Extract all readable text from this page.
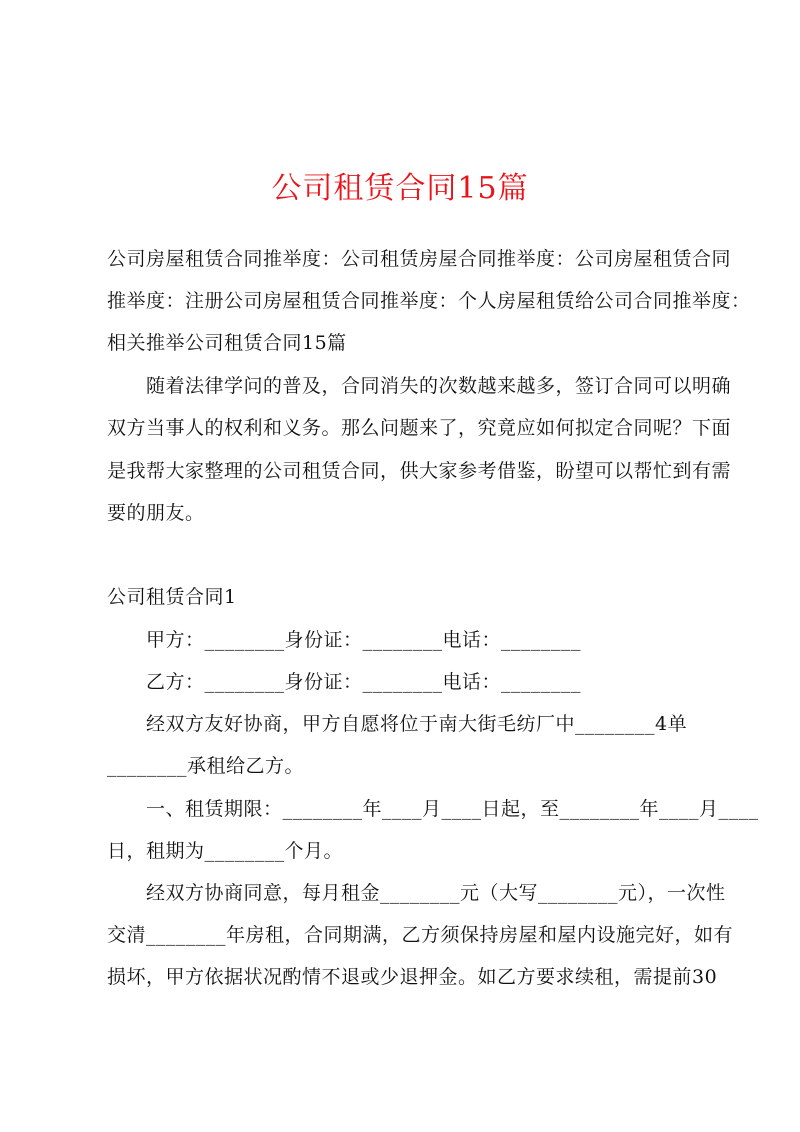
公司租赁合同15篇
公司房屋租赁合同推举度：公司租赁房屋合同推举度：公司房屋租赁合同
推举度：注册公司房屋租赁合同推举度：个人房屋租赁给公司合同推举度：
相关推举公司租赁合同15篇
随着法律学问的普及，合同消失的次数越来越多，签订合同可以明确
双方当事人的权利和义务。那么问题来了，究竟应如何拟定合同呢？下面
是我帮大家整理的公司租赁合同，供大家参考借鉴，盼望可以帮忙到有需
要的朋友。
公司租赁合同1
甲方：________身份证：________电话：________
乙方：________身份证：________电话：________
经双方友好协商，甲方自愿将位于南大街毛纺厂中________4单
________承租给乙方。
一、租赁期限：________年____月____日起，至________年____月____
日，租期为________个月。
经双方协商同意，每月租金________元（大写________元），一次性
交清________年房租，合同期满，乙方须保持房屋和屋内设施完好，如有
损坏，甲方依据状况酌情不退或少退押金。如乙方要求续租，需提前30
